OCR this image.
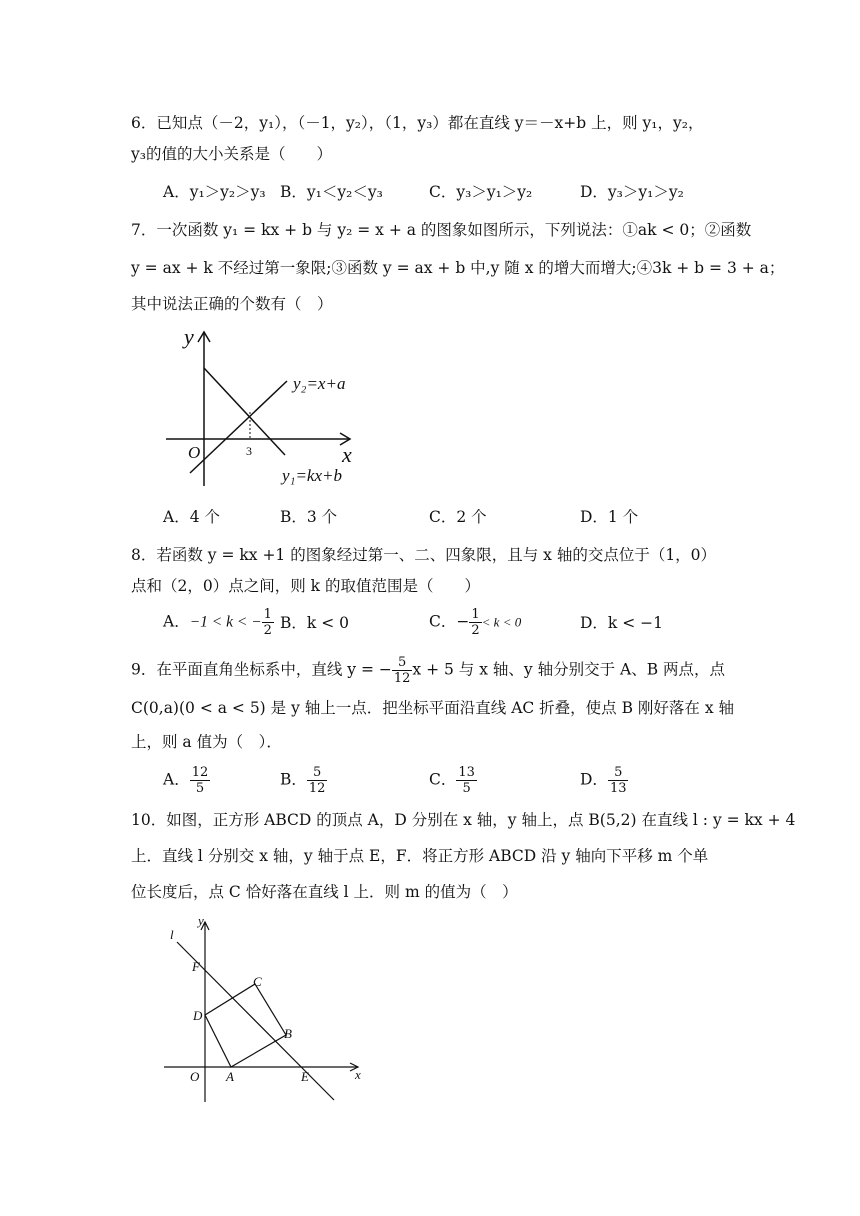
6．已知点（－2，y₁），（－1，y₂），（1，y₃）都在直线 y＝－x+b 上，则 y₁，y₂，
y₃的值的大小关系是（　　）
A．y₁＞y₂＞y₃ B．y₁＜y₂＜y₃	C．y₃＞y₁＞y₂	D．y₃＞y₁＞y₂
7．一次函数 y₁ = kx + b 与 y₂ = x + a 的图象如图所示，下列说法：①ak < 0；②函数
y = ax + k 不经过第一象限;③函数 y = ax + b 中,y 随 x 的增大而增大;④3k + b = 3 + a；
其中说法正确的个数有（　）
y
x
O	3
y₂=x+a
y₁=kx+b
A．4 个	B．3 个	C．2 个	D．1 个
8．若函数 y = kx +1 的图象经过第一、二、四象限，且与 x 轴的交点位于（1，0）
点和（2，0）点之间，则 k 的取值范围是（　　）
A．−1 < k < − $\frac{1}{2}$ B．k < 0	C．− $\frac{1}{2} < k < 0$	D．k < −1
9．在平面直角坐标系中，直线 y = − $\frac{5}{12}$ x + 5 与 x 轴、y 轴分别交于 A、B 两点，点
C(0,a)(0 < a < 5) 是 y 轴上一点．把坐标平面沿直线 AC 折叠，使点 B 刚好落在 x 轴
上，则 a 值为（　）．
A． $\frac{12}{5}$	B． $\frac{5}{12}$	C． $\frac{13}{5}$	D． $\frac{5}{13}$
10．如图，正方形 ABCD 的顶点 A，D 分别在 x 轴，y 轴上，点 B(5,2) 在直线 l : y = kx + 4
上．直线 l 分别交 x 轴，y 轴于点 E，F．将正方形 ABCD 沿 y 轴向下平移 m 个单
位长度后，点 C 恰好落在直线 l 上．则 m 的值为（　）
y
x
O
l
F
C
D
B
A	E
